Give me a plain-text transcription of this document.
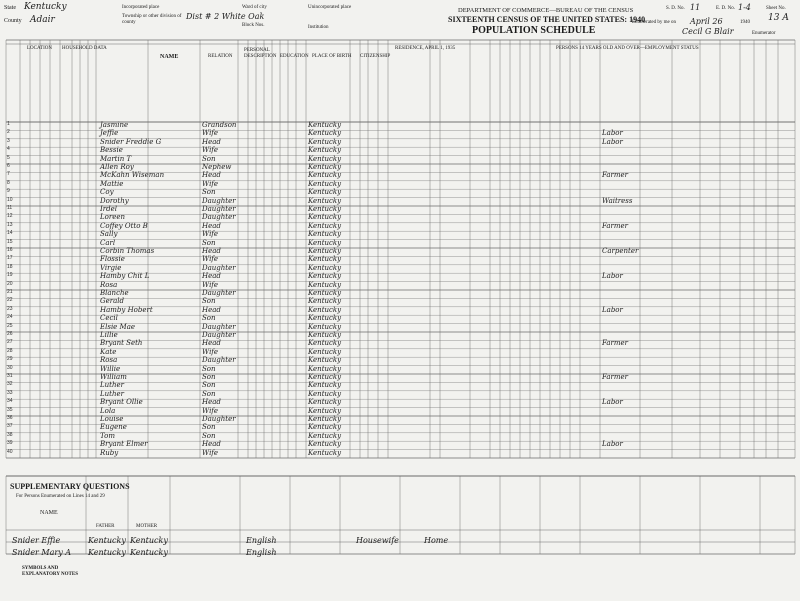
State Kentucky
County Adair
Incorporated place
Township or other division of county
Dist # 2 White Oak
Ward of city
Block Nos.
Unincorporated place
Institution
DEPARTMENT OF COMMERCE—BUREAU OF THE CENSUS
SIXTEENTH CENSUS OF THE UNITED STATES: 1940
POPULATION SCHEDULE
S. D. No. 11	E. D. No. 1-4	Sheet No.
13 A
Enumerated by me on April 26	1940
Cecil G Blair	Enumerator
LOCATION HOUSEHOLD DATA
NAME	RELATION
PERSONAL DESCRIPTION EDUCATION PLACE OF BIRTH CITIZENSHIP
RESIDENCE, APRIL 1, 1935	PERSONS 14 YEARS OLD AND OVER—EMPLOYMENT STATUS
1	Jasmine	Grandson	Kentucky
2	Jeffie	Wife	Kentucky	Labor
3	Snider Freddie G	Head	Kentucky	Labor
4	Bessie	Wife	Kentucky
5	Martin T	Son	Kentucky
6	Allen Roy	Nephew	Kentucky
7	McKahn Wiseman	Head	Kentucky	Farmer
8	Mattie	Wife	Kentucky
9	Coy	Son	Kentucky
10	Dorothy	Daughter	Kentucky	Waitress
11	Irdel	Daughter	Kentucky
12	Loreen	Daughter	Kentucky
13	Coffey Otto B	Head	Kentucky	Farmer
14	Sally	Wife	Kentucky
15	Carl	Son	Kentucky
16	Corbin Thomas	Head	Kentucky	Carpenter
17	Flossie	Wife	Kentucky
18	Virgie	Daughter	Kentucky
19	Hamby Chit L	Head	Kentucky	Labor
20	Rosa	Wife	Kentucky
21	Blanche	Daughter	Kentucky
22	Gerald	Son	Kentucky
23	Hamby Hobert	Head	Kentucky	Labor
24	Cecil	Son	Kentucky
25	Elsie Mae	Daughter	Kentucky
26	Lillie	Daughter	Kentucky
27	Bryant Seth	Head	Kentucky	Farmer
28	Kate	Wife	Kentucky
29	Rosa	Daughter	Kentucky
30	Willie	Son	Kentucky
31	William	Son	Kentucky	Farmer
32	Luther	Son	Kentucky
33	Luther	Son	Kentucky
34	Bryant Ollie	Head	Kentucky	Labor
35	Lola	Wife	Kentucky
36	Louise	Daughter	Kentucky
37	Eugene	Son	Kentucky
38	Tom	Son	Kentucky
39	Bryant Elmer	Head	Kentucky	Labor
40	Ruby	Wife	Kentucky
SUPPLEMENTARY QUESTIONS
For Persons Enumerated on Lines 14 and 29
NAME
FATHER	MOTHER
Snider Effie	Kentucky Kentucky	English	Housewife	Home
Snider Mary A Kentucky Kentucky	English
SYMBOLS AND EXPLANATORY NOTES
